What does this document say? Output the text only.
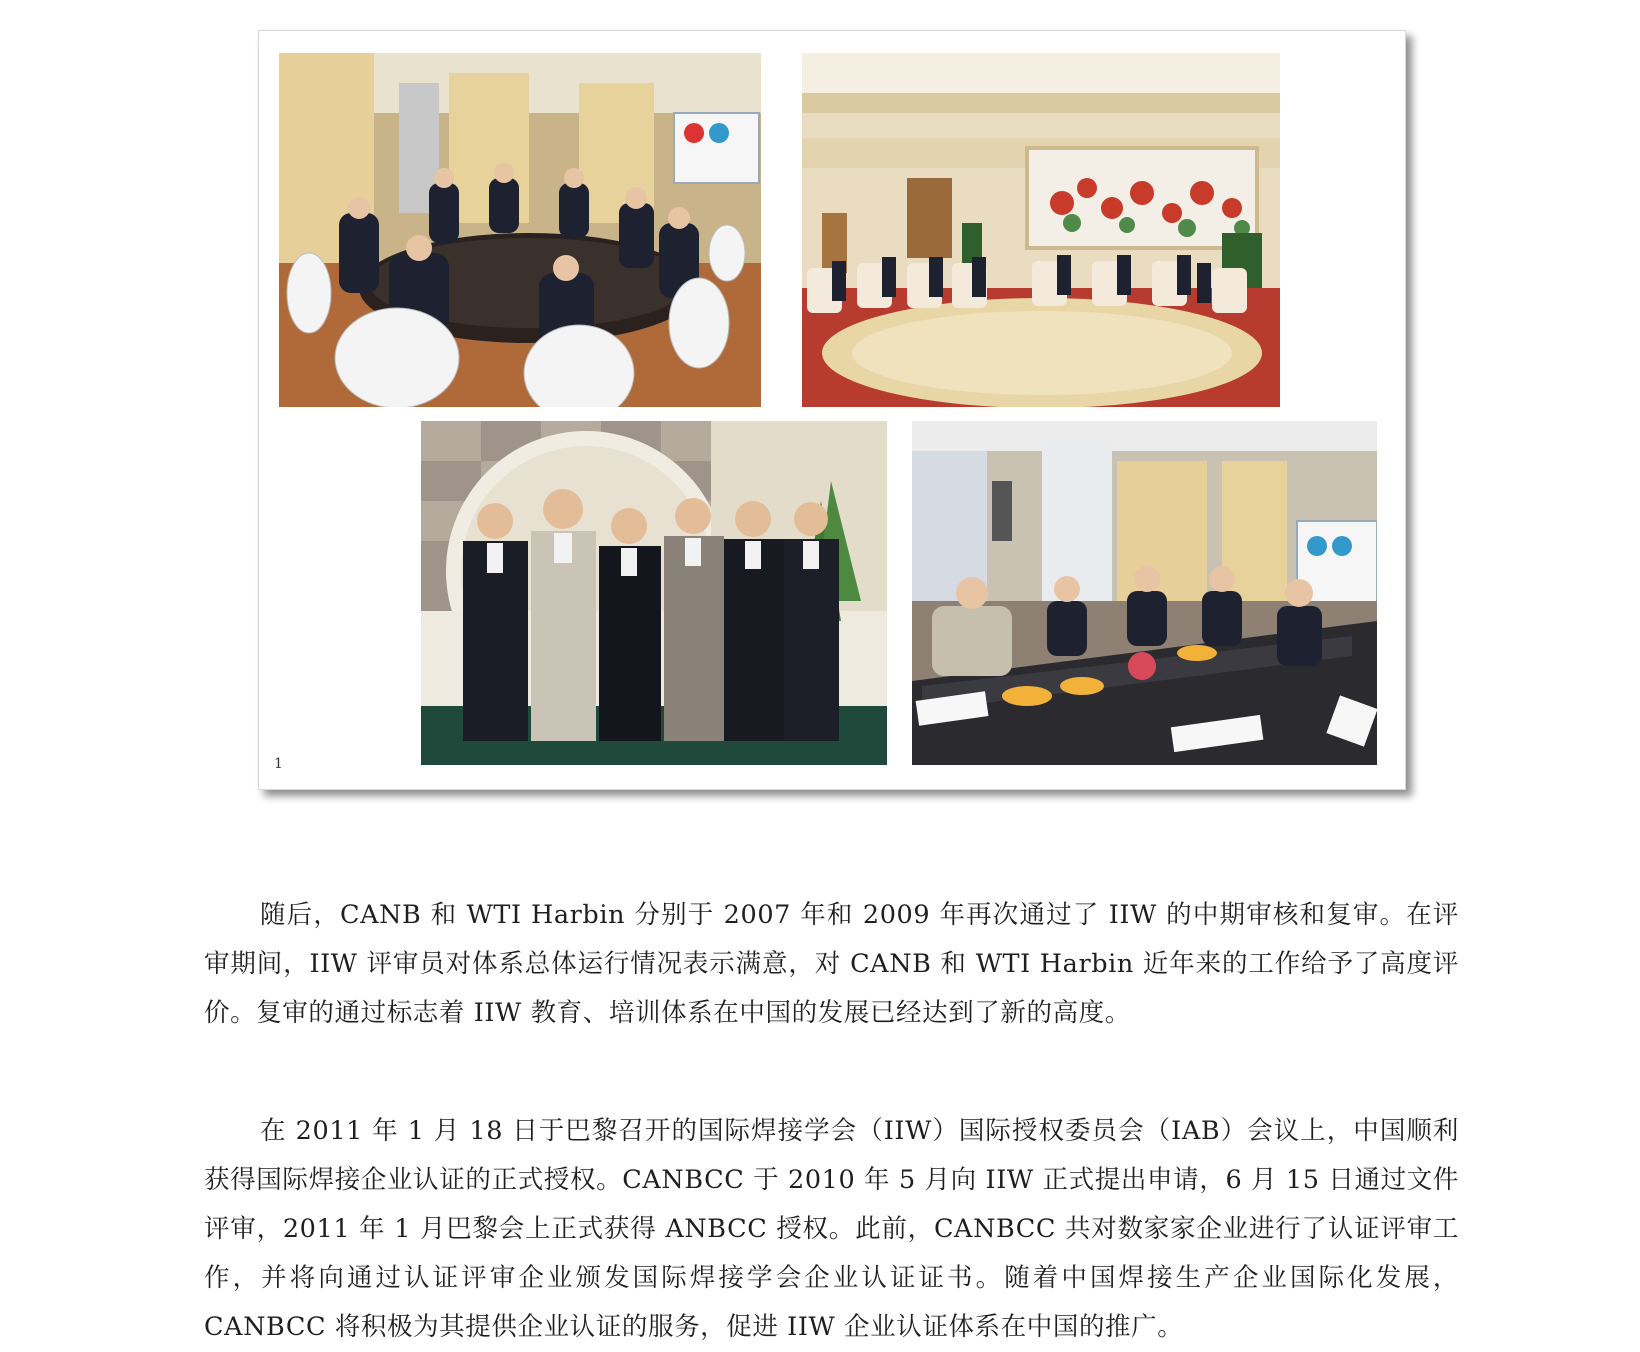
1

随后，CANB 和 WTI Harbin 分别于 2007 年和 2009 年再次通过了 IIW 的中期审核和复审。在评审期间，IIW 评审员对体系总体运行情况表示满意，对 CANB 和 WTI Harbin 近年来的工作给予了高度评价。复审的通过标志着 IIW 教育、培训体系在中国的发展已经达到了新的高度。

在 2011 年 1 月 18 日于巴黎召开的国际焊接学会（IIW）国际授权委员会（IAB）会议上，中国顺利获得国际焊接企业认证的正式授权。CANBCC 于 2010 年 5 月向 IIW 正式提出申请，6 月 15 日通过文件评审，2011 年 1 月巴黎会上正式获得 ANBCC 授权。此前，CANBCC 共对数家家企业进行了认证评审工作，并将向通过认证评审企业颁发国际焊接学会企业认证证书。随着中国焊接生产企业国际化发展，CANBCC 将积极为其提供企业认证的服务，促进 IIW 企业认证体系在中国的推广。
